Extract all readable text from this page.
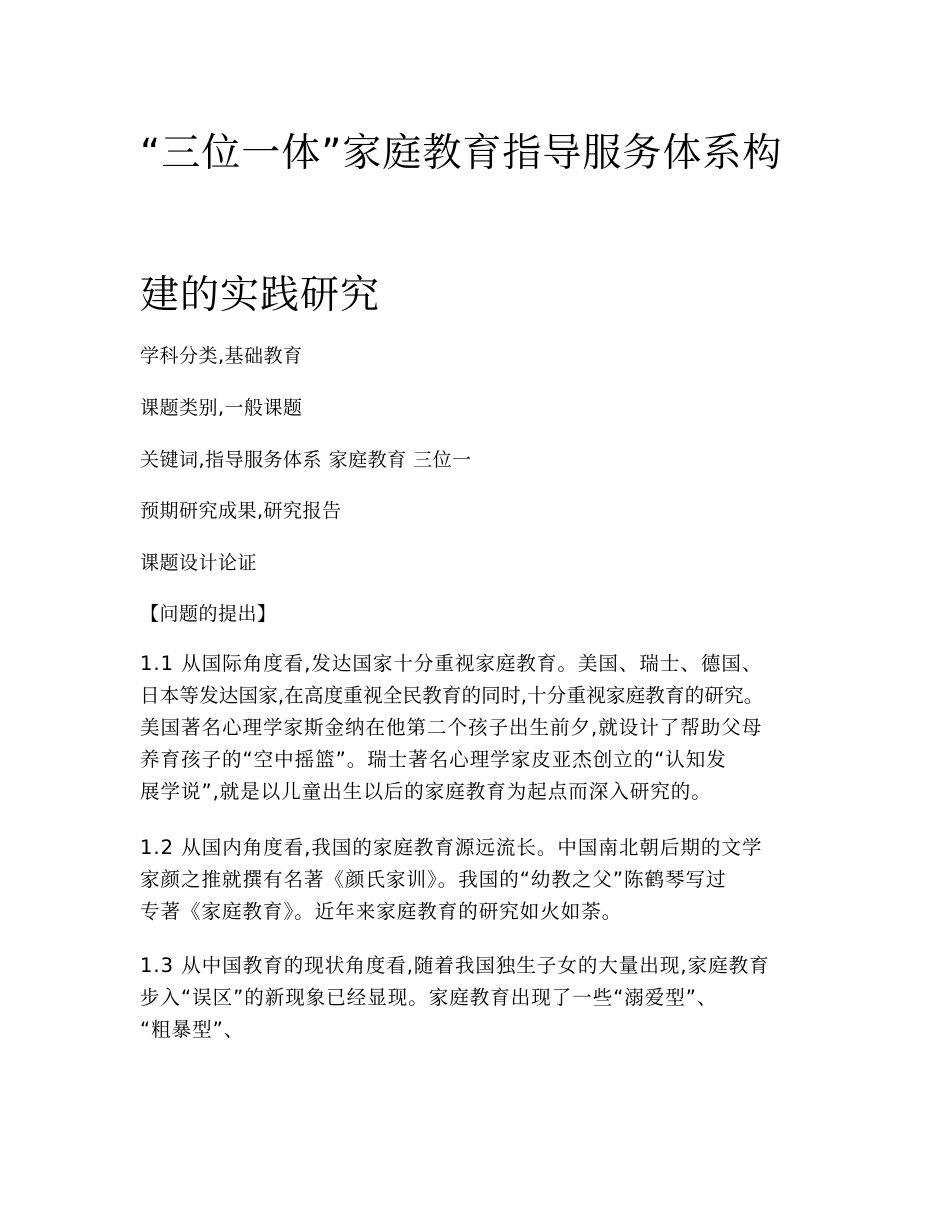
“三位一体”家庭教育指导服务体系构
建的实践研究

学科分类,基础教育

课题类别,一般课题

关键词,指导服务体系 家庭教育 三位一

预期研究成果,研究报告

课题设计论证

【问题的提出】

1.1 从国际角度看,发达国家十分重视家庭教育。美国、瑞士、德国、
日本等发达国家,在高度重视全民教育的同时,十分重视家庭教育的研究。
美国著名心理学家斯金纳在他第二个孩子出生前夕,就设计了帮助父母
养育孩子的“空中摇篮”。瑞士著名心理学家皮亚杰创立的“认知发
展学说”,就是以儿童出生以后的家庭教育为起点而深入研究的。
1.2 从国内角度看,我国的家庭教育源远流长。中国南北朝后期的文学
家颜之推就撰有名著《颜氏家训》。我国的“幼教之父”陈鹤琴写过
专著《家庭教育》。近年来家庭教育的研究如火如荼。
1.3 从中国教育的现状角度看,随着我国独生子女的大量出现,家庭教育
步入“误区”的新现象已经显现。家庭教育出现了一些“溺爱型”、
“粗暴型”、
